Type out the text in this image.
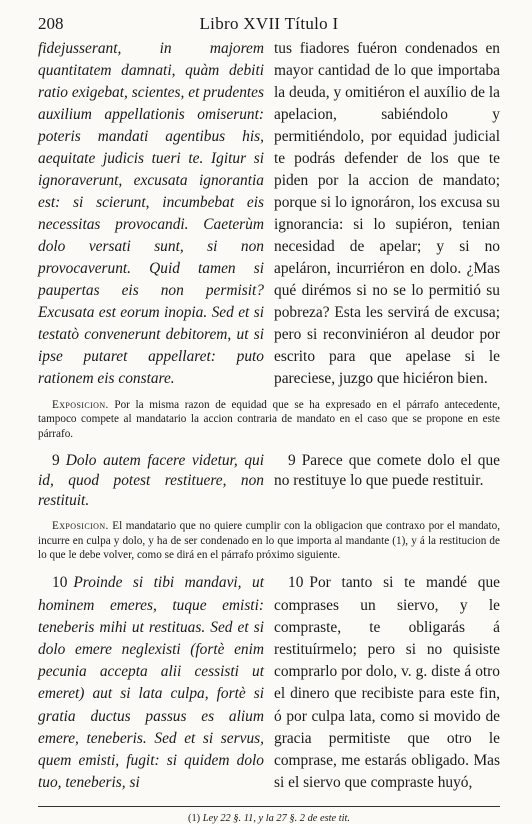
208	Libro XVII Título I
fidejusserant, in majorem quantitatem damnati, quàm debiti ratio exigebat, scientes, et prudentes auxilium appellationis omiserunt: poteris mandati agentibus his, aequitate judicis tueri te. Igitur si ignoraverunt, excusata ignorantia est: si scierunt, incumbebat eis necessitas provocandi. Caeterùm dolo versati sunt, si non provocaverunt. Quid tamen si paupertas eis non permisit? Excusata est eorum inopia. Sed et si testatò convenerunt debitorem, ut si ipse putaret appellaret: puto rationem eis constare.
tus fiadores fuéron condenados en mayor cantidad de lo que importaba la deuda, y omitiéron el auxílio de la apelacion, sabiéndolo y permitiéndolo, por equidad judicial te podrás defender de los que te piden por la accion de mandato; porque si lo ignoráron, los excusa su ignorancia: si lo supiéron, tenian necesidad de apelar; y si no apeláron, incurriéron en dolo. ¿Mas qué dirémos si no se lo permitió su pobreza? Esta les servirá de excusa; pero si reconviniéron al deudor por escrito para que apelase si le pareciese, juzgo que hiciéron bien.
Exposicion. Por la misma razon de equidad que se ha expresado en el párrafo antecedente, tampoco compete al mandatario la accion contraria de mandato en el caso que se propone en este párrafo.
9 Dolo autem facere videtur, qui id, quod potest restituere, non restituit.
9 Parece que comete dolo el que no restituye lo que puede restituir.
Exposicion. El mandatario que no quiere cumplir con la obligacion que contraxo por el mandato, incurre en culpa y dolo, y ha de ser condenado en lo que importa al mandante (1), y á la restitucion de lo que le debe volver, como se dirá en el párrafo próximo siguiente.
10 Proinde si tibi mandavi, ut hominem emeres, tuque emisti: teneberis mihi ut restituas. Sed et si dolo emere neglexisti (fortè enim pecunia accepta alii cessisti ut emeret) aut si lata culpa, fortè si gratia ductus passus es alium emere, teneberis. Sed et si servus, quem emisti, fugit: si quidem dolo tuo, teneberis, si
10 Por tanto si te mandé que comprases un siervo, y le compraste, te obligarás á restituírmelo; pero si no quisiste comprarlo por dolo, v. g. diste á otro el dinero que recibiste para este fin, ó por culpa lata, como si movido de gracia permitiste que otro le comprase, me estarás obligado. Mas si el siervo que compraste huyó,
(1) Ley 22 §. 11, y la 27 §. 2 de este tit.
